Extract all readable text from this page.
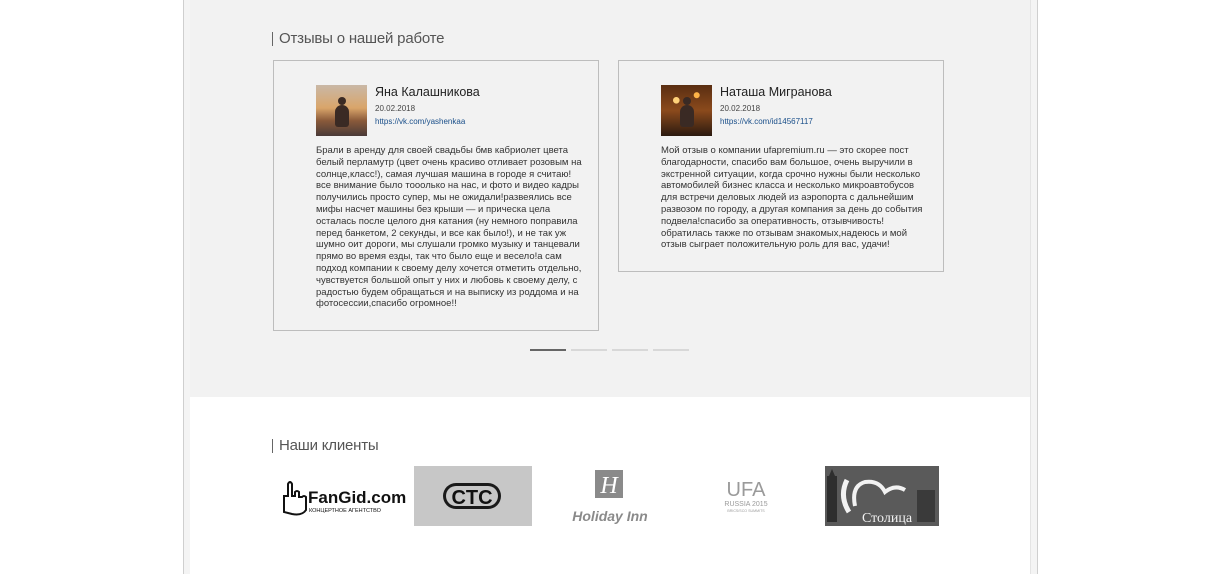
Отзывы о нашей работе
Яна Калашникова
20.02.2018
https://vk.com/yashenkaa
Брали в аренду для своей свадьбы бмв кабриолет цвета белый перламутр (цвет очень красиво отливает розовым на солнце,класс!), самая лучшая машина в городе я считаю!все внимание было тооолько на нас, и фото и видео кадры получились просто супер, мы не ожидали!развеялись все мифы насчет машины без крыши — и прическа цела осталась после целого дня катания (ну немного поправила перед банкетом, 2 секунды, и все как было!), и не так уж шумно оит дороги, мы слушали громко музыку и танцевали прямо во время езды, так что было еще и весело!а сам подход компании к своему делу хочется отметить отдельно, чувствуется большой опыт у них и любовь к своему делу, с радостью будем обращаться и на выписку из роддома и на фотосессии,спасибо огромное!!
Наташа Мигранова
20.02.2018
https://vk.com/id14567117
Мой отзыв о компании ufapremium.ru — это скорее пост благодарности, спасибо вам большое, очень выручили в экстренной ситуации, когда срочно нужны были несколько автомобилей бизнес класса и несколько микроавтобусов для встречи деловых людей из аэропорта с дальнейшим развозом по городу, а другая компания за день до события подвела!спасибо за оперативность, отзывчивость!обратилась также по отзывам знакомых,надеюсь и мой отзыв сыграет положительную роль для вас, удачи!
Наши клиенты
FanGid.com
КОНЦЕРТНОЕ АГЕНТСТВО
CTC	H
Holiday Inn
UFA
RUSSIA 2015
BRICS/SCO SUMMITS	Столица
